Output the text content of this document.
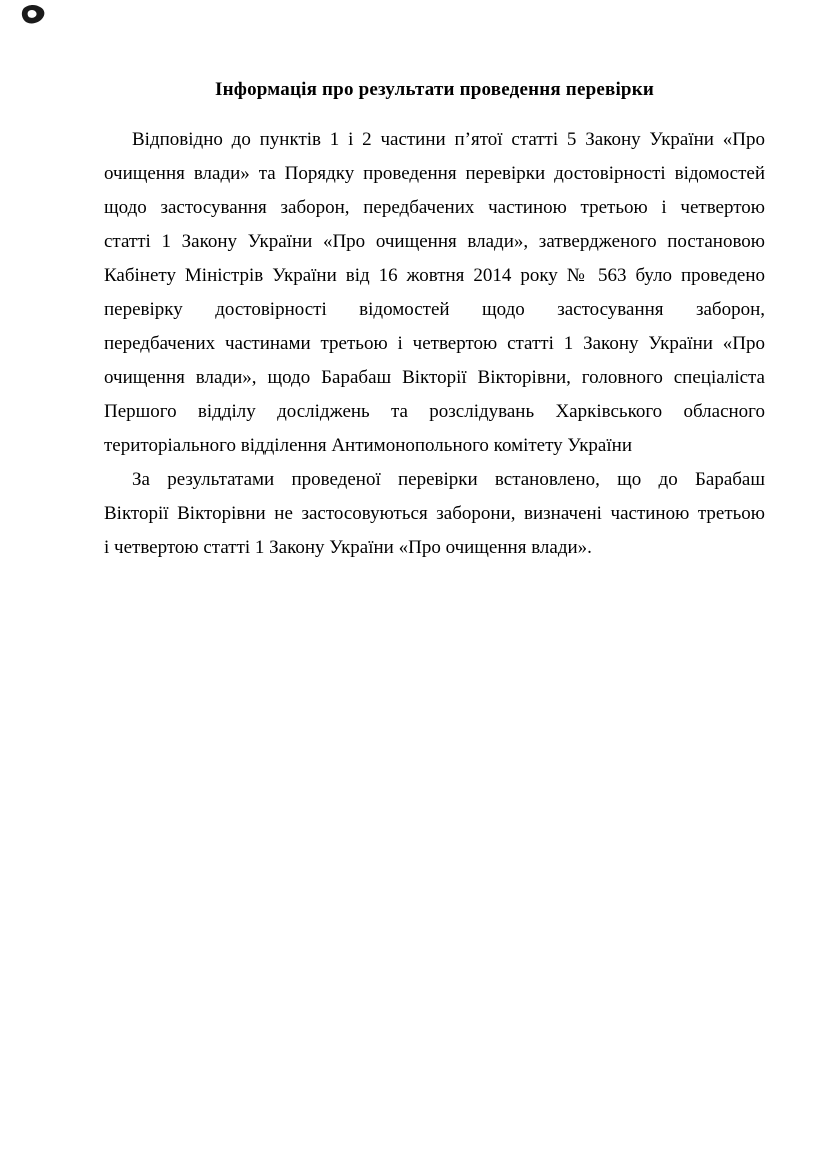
Інформація про результати проведення перевірки
Відповідно до пунктів 1 і 2 частини п’ятої статті 5 Закону України «Про
очищення влади» та Порядку проведення перевірки достовірності відомостей
щодо застосування заборон, передбачених частиною третьою і четвертою
статті 1 Закону України «Про очищення влади», затвердженого постановою
Кабінету Міністрів України від 16 жовтня 2014 року № 563 було проведено
перевірку достовірності відомостей щодо застосування заборон,
передбачених частинами третьою і четвертою статті 1 Закону України «Про
очищення влади», щодо Барабаш Вікторії Вікторівни, головного спеціаліста
Першого відділу досліджень та розслідувань Харківського обласного
територіального відділення Антимонопольного комітету України
За результатами проведеної перевірки встановлено, що до Барабаш
Вікторії Вікторівни не застосовуються заборони, визначені частиною третьою
і четвертою статті 1 Закону України «Про очищення влади».
